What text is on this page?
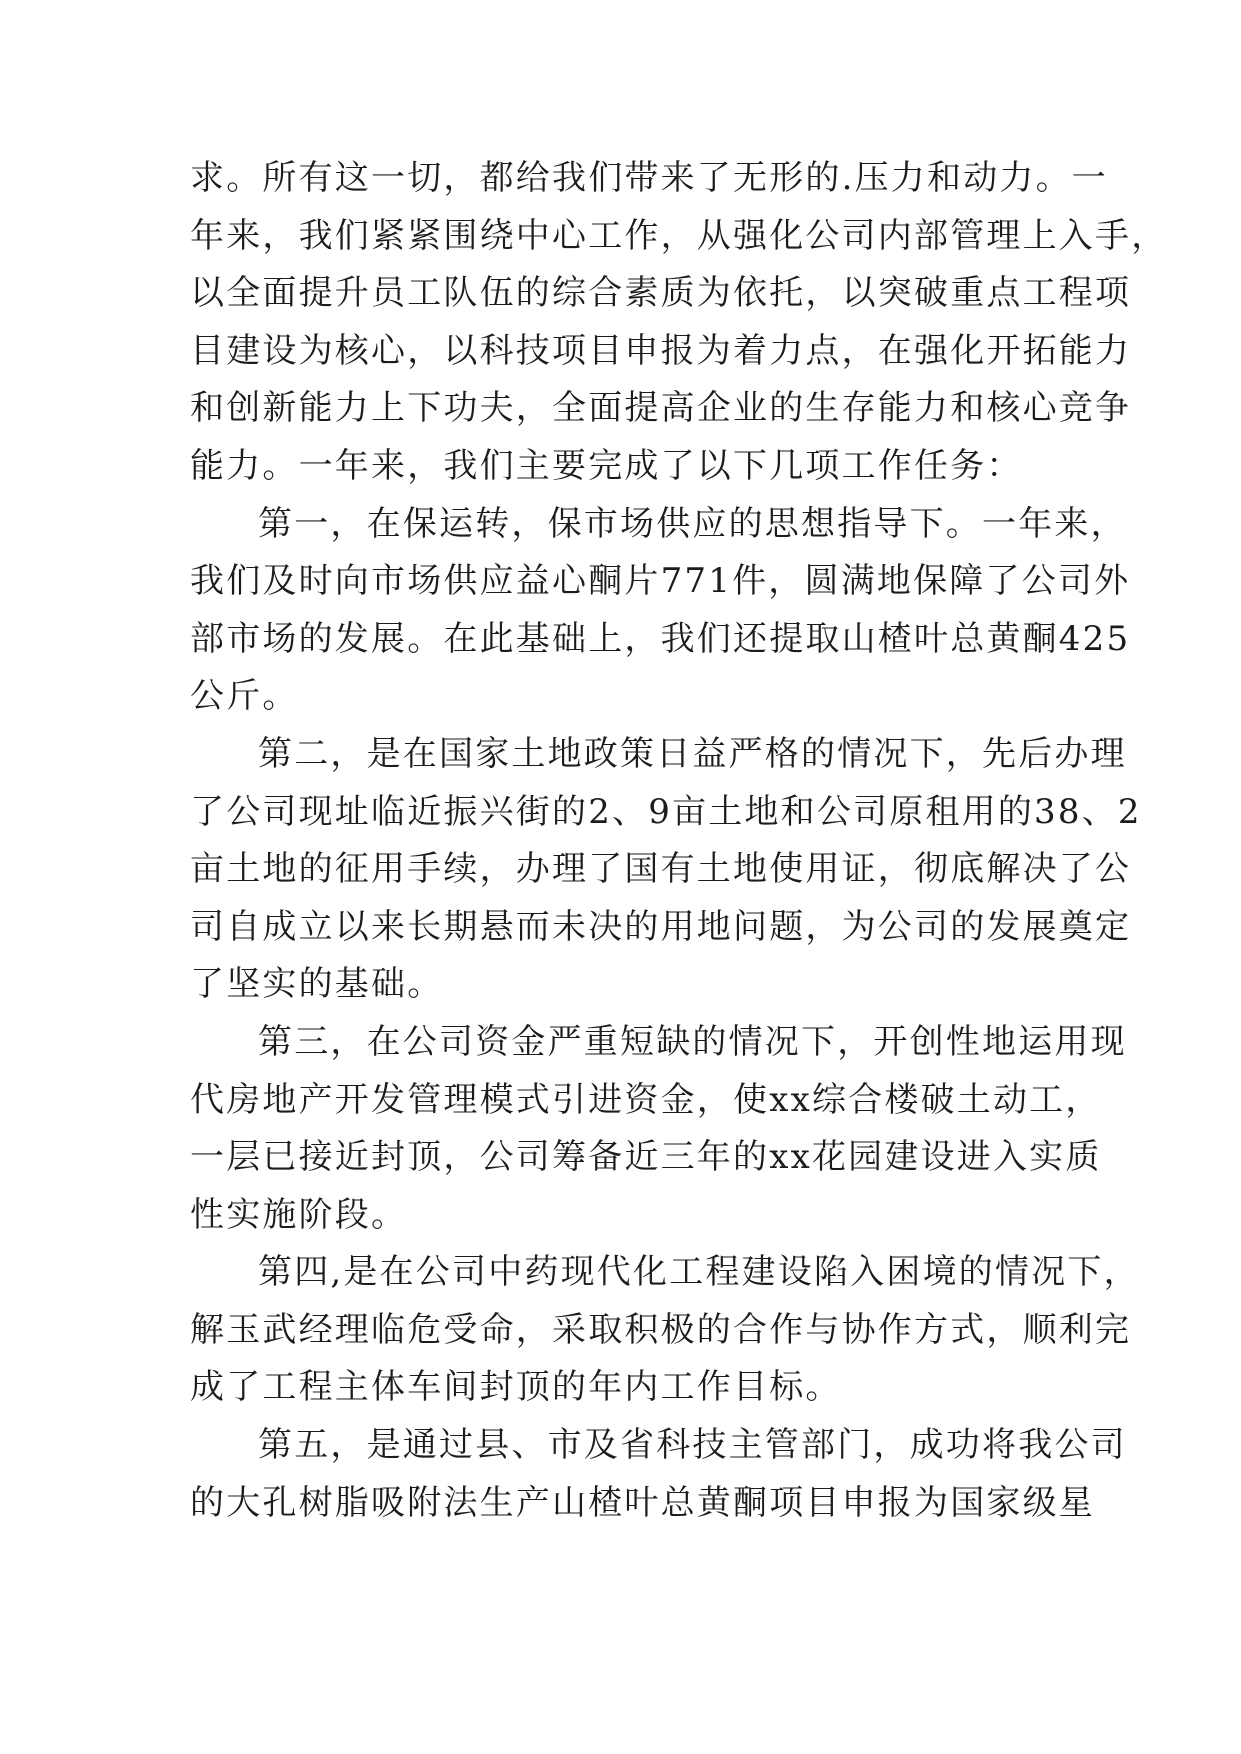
求。所有这一切，都给我们带来了无形的.压力和动力。一
年来，我们紧紧围绕中心工作，从强化公司内部管理上入手，
以全面提升员工队伍的综合素质为依托，以突破重点工程项
目建设为核心，以科技项目申报为着力点，在强化开拓能力
和创新能力上下功夫，全面提高企业的生存能力和核心竞争
能力。一年来，我们主要完成了以下几项工作任务：
第一，在保运转，保市场供应的思想指导下。一年来，
我们及时向市场供应益心酮片771件，圆满地保障了公司外
部市场的发展。在此基础上，我们还提取山楂叶总黄酮425
公斤。
第二，是在国家土地政策日益严格的情况下，先后办理
了公司现址临近振兴街的2、9亩土地和公司原租用的38、2
亩土地的征用手续，办理了国有土地使用证，彻底解决了公
司自成立以来长期悬而未决的用地问题，为公司的发展奠定
了坚实的基础。
第三，在公司资金严重短缺的情况下，开创性地运用现
代房地产开发管理模式引进资金，使xx综合楼破土动工，
一层已接近封顶，公司筹备近三年的xx花园建设进入实质
性实施阶段。
第四,是在公司中药现代化工程建设陷入困境的情况下，
解玉武经理临危受命，采取积极的合作与协作方式，顺利完
成了工程主体车间封顶的年内工作目标。
第五，是通过县、市及省科技主管部门，成功将我公司
的大孔树脂吸附法生产山楂叶总黄酮项目申报为国家级星
